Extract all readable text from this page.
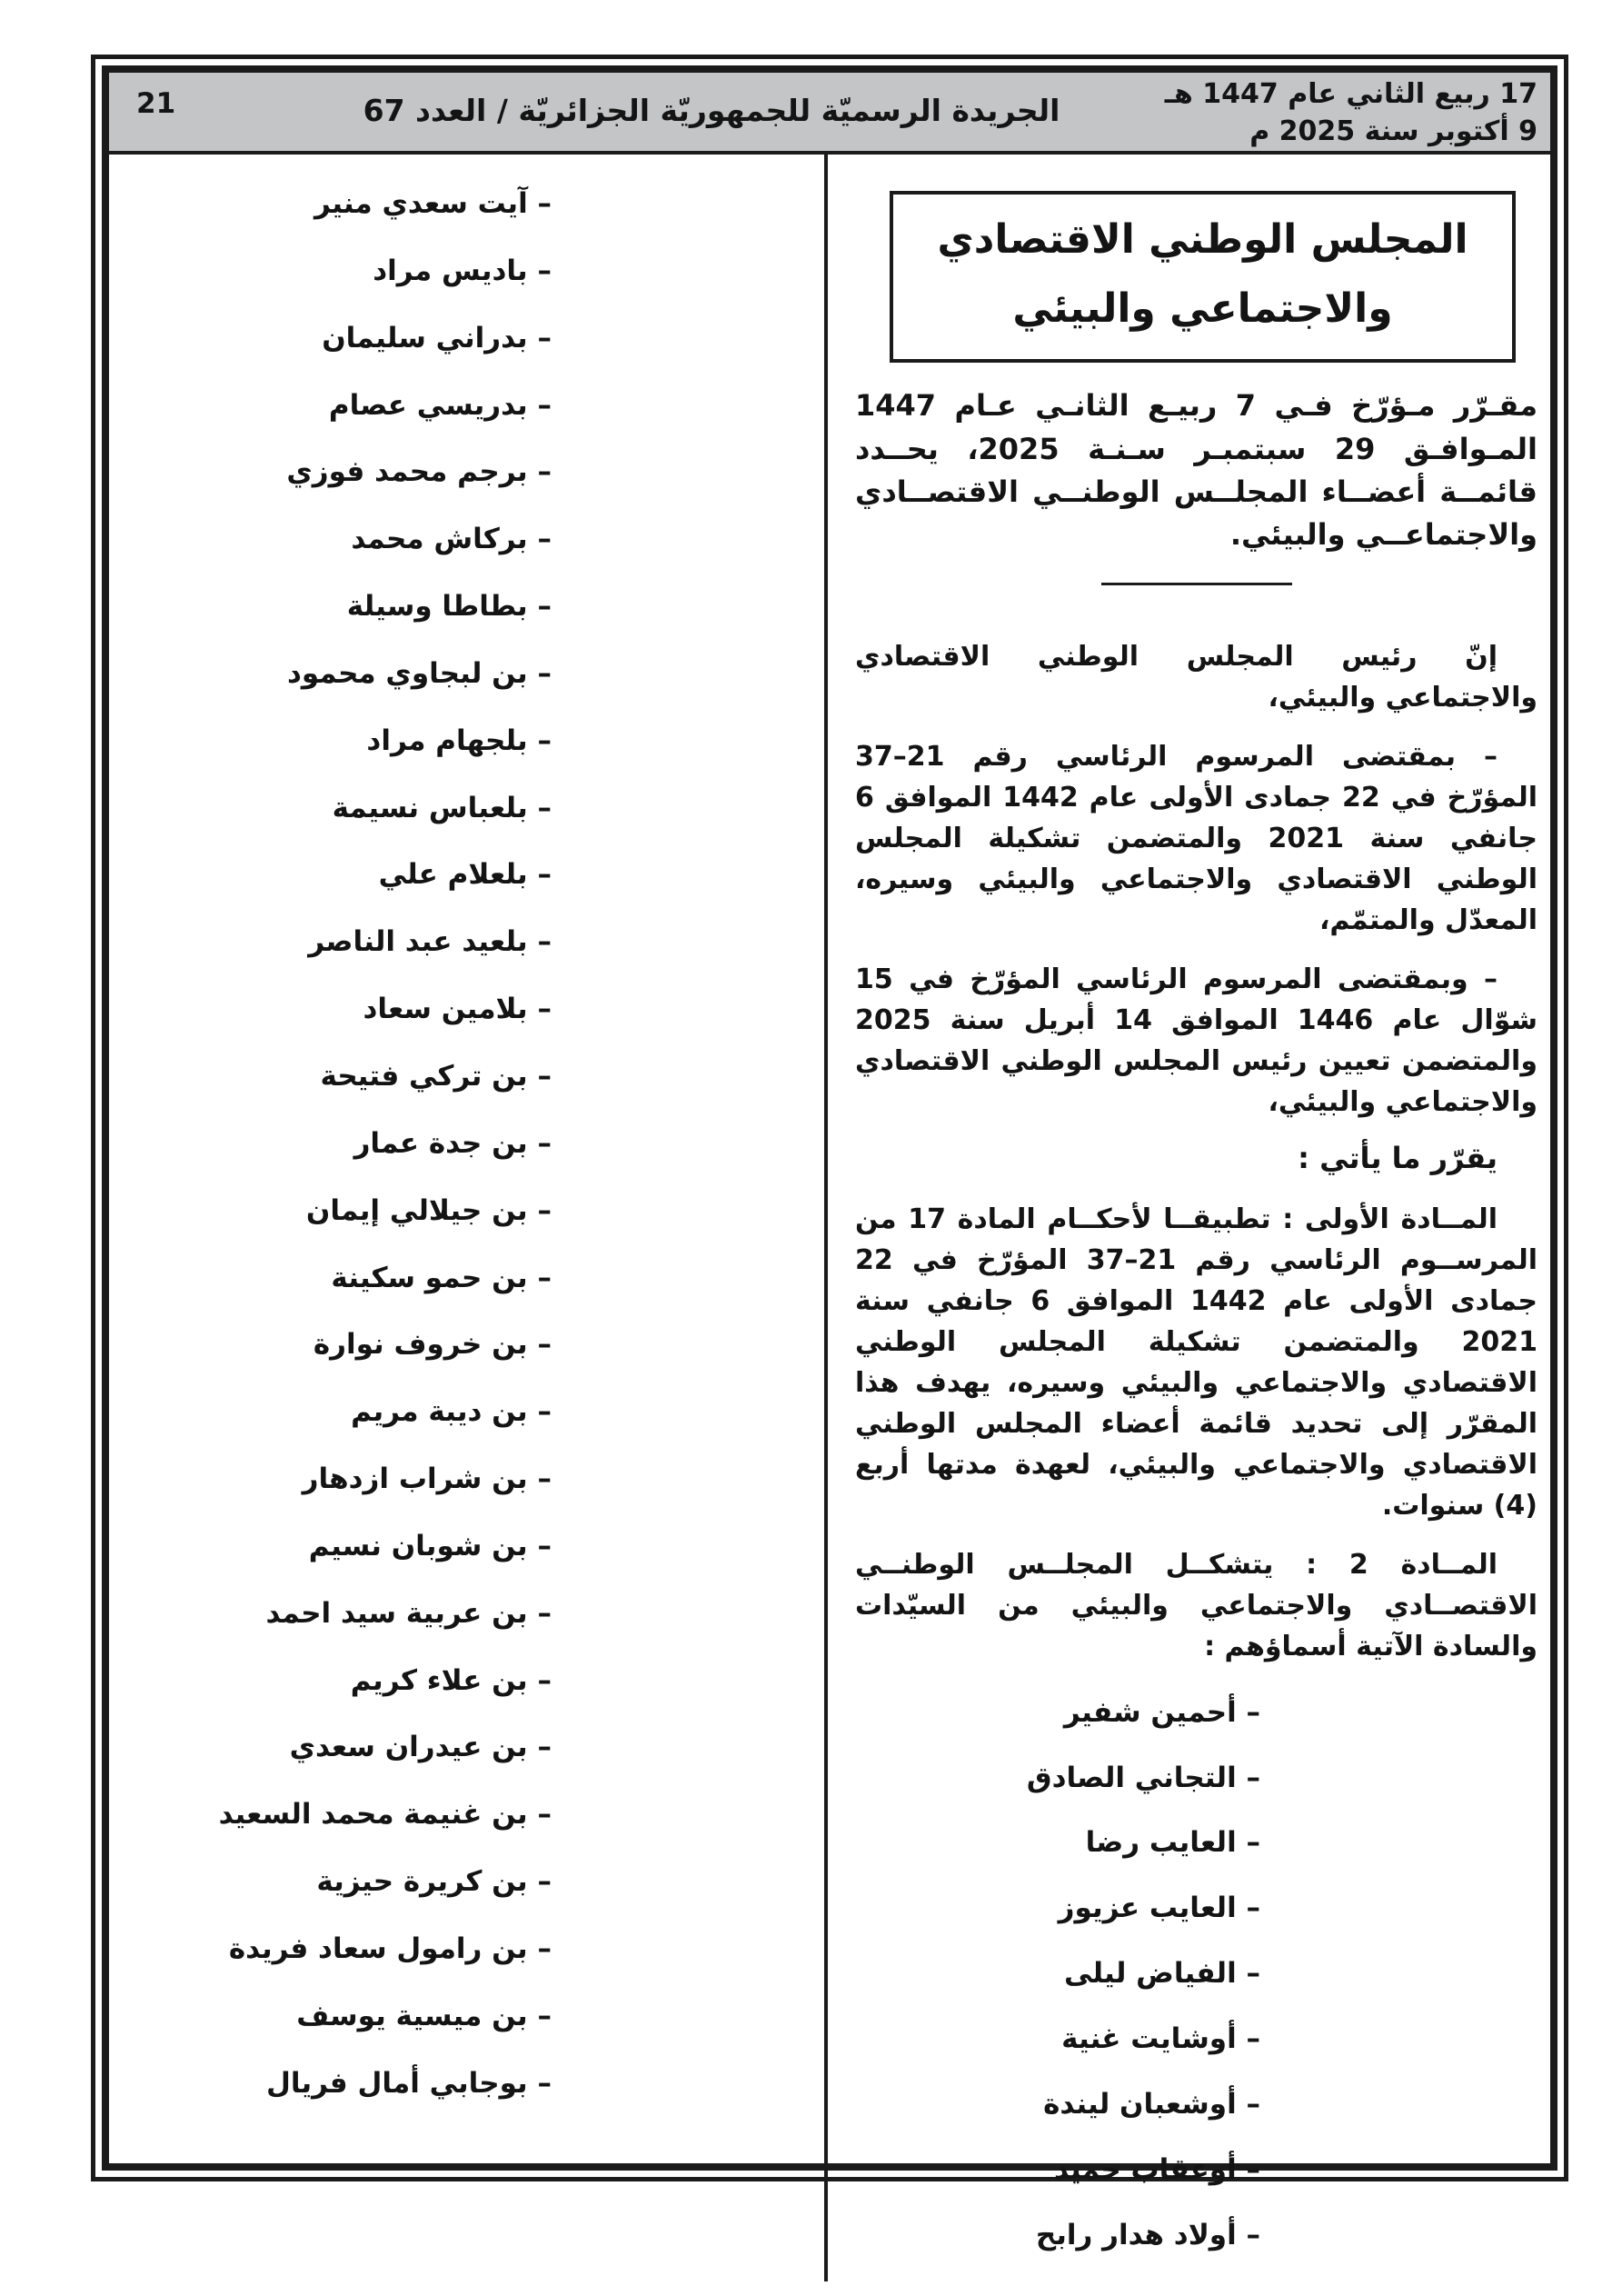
17 ربيع الثاني عام 1447 هـ
9 أكتوبر سنة 2025 م
الجريدة الرسميّة للجمهوريّة الجزائريّة / العدد 67
21
المجلس الوطني الاقتصادي
والاجتماعي والبيئي

مقـرّر مـؤرّخ فـي 7 ربيـع الثانـي عـام 1447 المـوافـق 29 سبتمبـر سـنـة 2025، يحــدد قائمــة أعضــاء المجلــس الوطنــي الاقتصــادي والاجتماعــي والبيئي.

إنّ رئيس المجلس الوطني الاقتصادي والاجتماعي والبيئي،

– بمقتضى المرسوم الرئاسي رقم 21–37 المؤرّخ في 22 جمادى الأولى عام 1442 الموافق 6 جانفي سنة 2021 والمتضمن تشكيلة المجلس الوطني الاقتصادي والاجتماعي والبيئي وسيره، المعدّل والمتمّم،

– وبمقتضى المرسوم الرئاسي المؤرّخ في 15 شوّال عام 1446 الموافق 14 أبريل سنة 2025 والمتضمن تعيين رئيس المجلس الوطني الاقتصادي والاجتماعي والبيئي،

يقرّر ما يأتي :

المــادة الأولى : تطبيقــا لأحكــام المادة 17 من المرســوم الرئاسي رقم 21–37 المؤرّخ في 22 جمادى الأولى عام 1442 الموافق 6 جانفي سنة 2021 والمتضمن تشكيلة المجلس الوطني الاقتصادي والاجتماعي والبيئي وسيره، يهدف هذا المقرّر إلى تحديد قائمة أعضاء المجلس الوطني الاقتصادي والاجتماعي والبيئي، لعهدة مدتها أربع (4) سنوات.

المــادة 2 : يتشكــل المجلــس الوطنــي الاقتصــادي والاجتماعي والبيئي من السيّدات والسادة الآتية أسماؤهم :

– أحمين شفير
– التجاني الصادق
– العايب رضا
– العايب عزيوز
– الفياض ليلى
– أوشايت غنية
– أوشعبان ليندة
– أوعقاب حميد
– أولاد هدار رابح
– آيت سعدي منير
– باديس مراد
– بدراني سليمان
– بدريسي عصام
– برجم محمد فوزي
– بركاش محمد
– بطاطا وسيلة
– بن لبجاوي محمود
– بلجهام مراد
– بلعباس نسيمة
– بلعلام علي
– بلعيد عبد الناصر
– بلامين سعاد
– بن تركي فتيحة
– بن جدة عمار
– بن جيلالي إيمان
– بن حمو سكينة
– بن خروف نوارة
– بن ديبة مريم
– بن شراب ازدهار
– بن شوبان نسيم
– بن عربية سيد احمد
– بن علاء كريم
– بن عيدران سعدي
– بن غنيمة محمد السعيد
– بن كريرة حيزية
– بن رامول سعاد فريدة
– بن ميسية يوسف
– بوجابي أمال فريال
